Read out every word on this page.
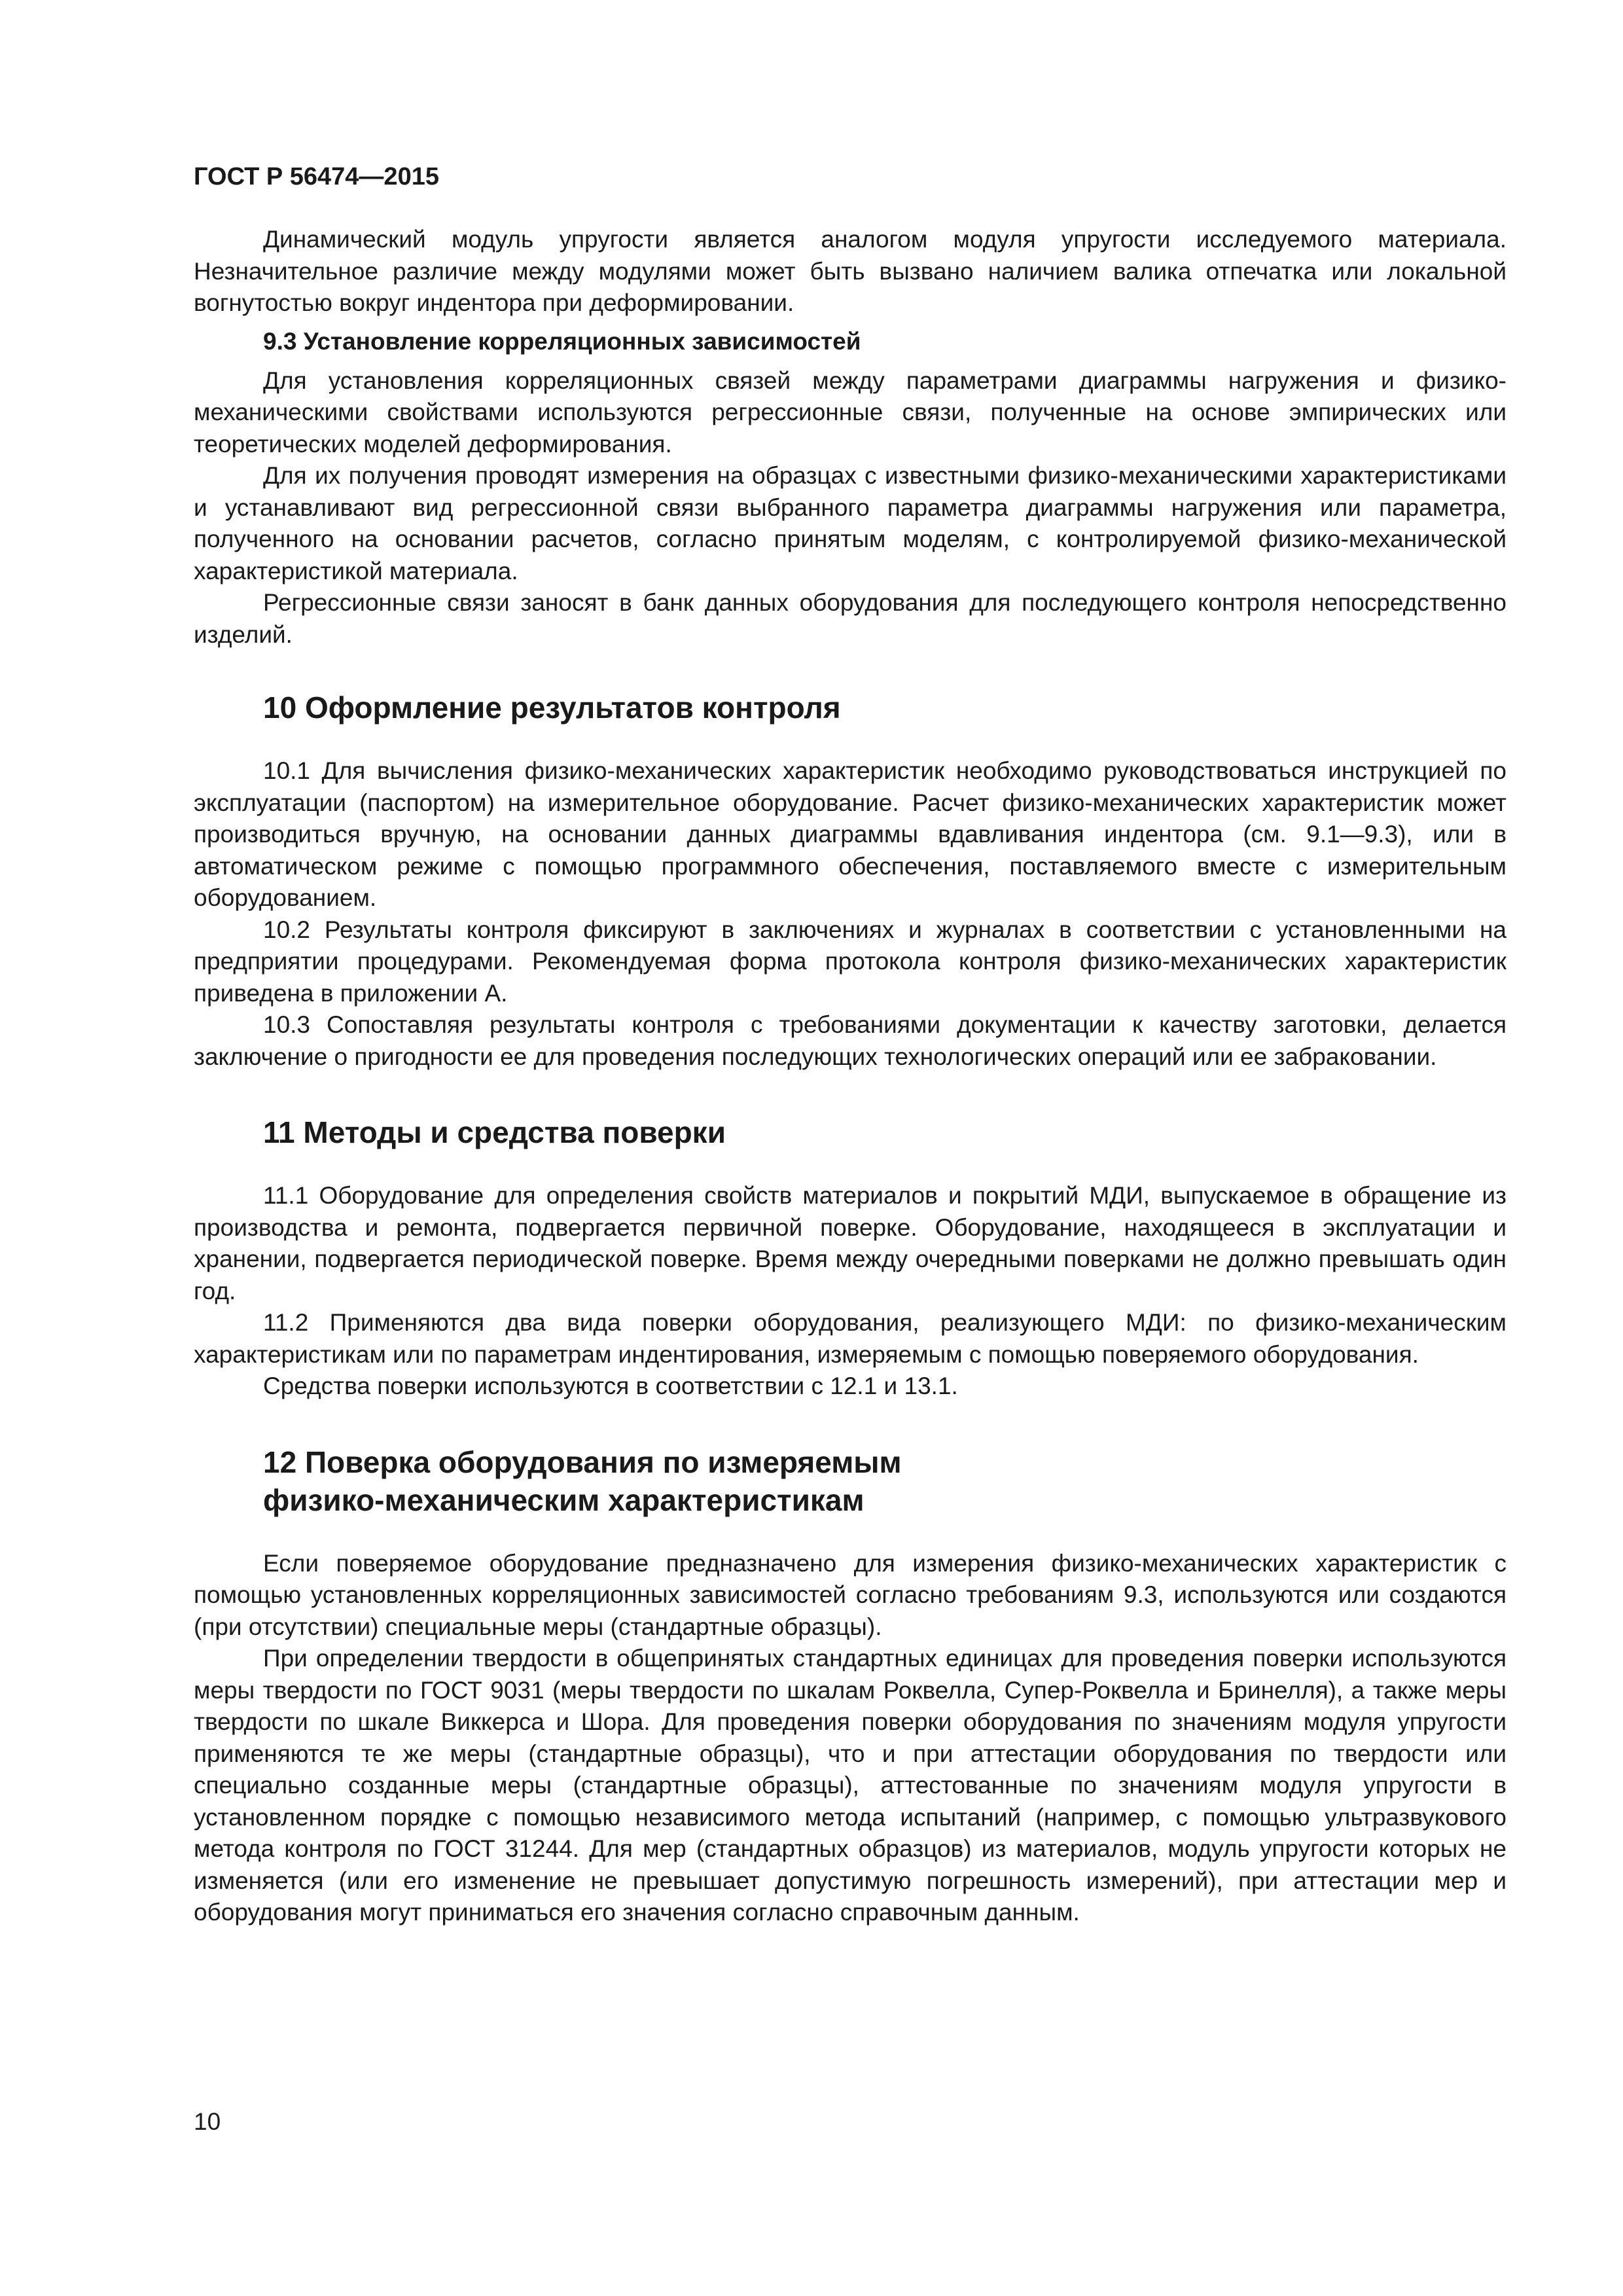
ГОСТ Р 56474—2015

Динамический модуль упругости является аналогом модуля упругости исследуемого материала. Незначительное различие между модулями может быть вызвано наличием валика отпечатка или локальной вогнутостью вокруг индентора при деформировании.

9.3 Установление корреляционных зависимостей

Для установления корреляционных связей между параметрами диаграммы нагружения и физикомеханическими свойствами используются регрессионные связи, полученные на основе эмпирических или теоретических моделей деформирования.

Для их получения проводят измерения на образцах с известными физико-механическими характеристиками и устанавливают вид регрессионной связи выбранного параметра диаграммы нагружения или параметра, полученного на основании расчетов, согласно принятым моделям, с контролируемой физико-механической характеристикой материала.

Регрессионные связи заносят в банк данных оборудования для последующего контроля непосредственно изделий.

10 Оформление результатов контроля

10.1 Для вычисления физико-механических характеристик необходимо руководствоваться инструкцией по эксплуатации (паспортом) на измерительное оборудование. Расчет физико-механических характеристик может производиться вручную, на основании данных диаграммы вдавливания индентора (см. 9.1—9.3), или в автоматическом режиме с помощью программного обеспечения, поставляемого вместе с измерительным оборудованием.

10.2 Результаты контроля фиксируют в заключениях и журналах в соответствии с установленными на предприятии процедурами. Рекомендуемая форма протокола контроля физико-механических характеристик приведена в приложении А.

10.3 Сопоставляя результаты контроля с требованиями документации к качеству заготовки, делается заключение о пригодности ее для проведения последующих технологических операций или ее забраковании.

11 Методы и средства поверки

11.1 Оборудование для определения свойств материалов и покрытий МДИ, выпускаемое в обращение из производства и ремонта, подвергается первичной поверке. Оборудование, находящееся в эксплуатации и хранении, подвергается периодической поверке. Время между очередными поверками не должно превышать один год.

11.2 Применяются два вида поверки оборудования, реализующего МДИ: по физико-механическим характеристикам или по параметрам индентирования, измеряемым с помощью поверяемого оборудования.

Средства поверки используются в соответствии с 12.1 и 13.1.

12 Поверка оборудования по измеряемым
физико-механическим характеристикам

Если поверяемое оборудование предназначено для измерения физико-механических характеристик с помощью установленных корреляционных зависимостей согласно требованиям 9.3, используются или создаются (при отсутствии) специальные меры (стандартные образцы).

При определении твердости в общепринятых стандартных единицах для проведения поверки используются меры твердости по ГОСТ 9031 (меры твердости по шкалам Роквелла, Супер-Роквелла и Бринелля), а также меры твердости по шкале Виккерса и Шора. Для проведения поверки оборудования по значениям модуля упругости применяются те же меры (стандартные образцы), что и при аттестации оборудования по твердости или специально созданные меры (стандартные образцы), аттестованные по значениям модуля упругости в установленном порядке с помощью независимого метода испытаний (например, с помощью ультразвукового метода контроля по ГОСТ 31244. Для мер (стандартных образцов) из материалов, модуль упругости которых не изменяется (или его изменение не превышает допустимую погрешность измерений), при аттестации мер и оборудования могут приниматься его значения согласно справочным данным.

10
